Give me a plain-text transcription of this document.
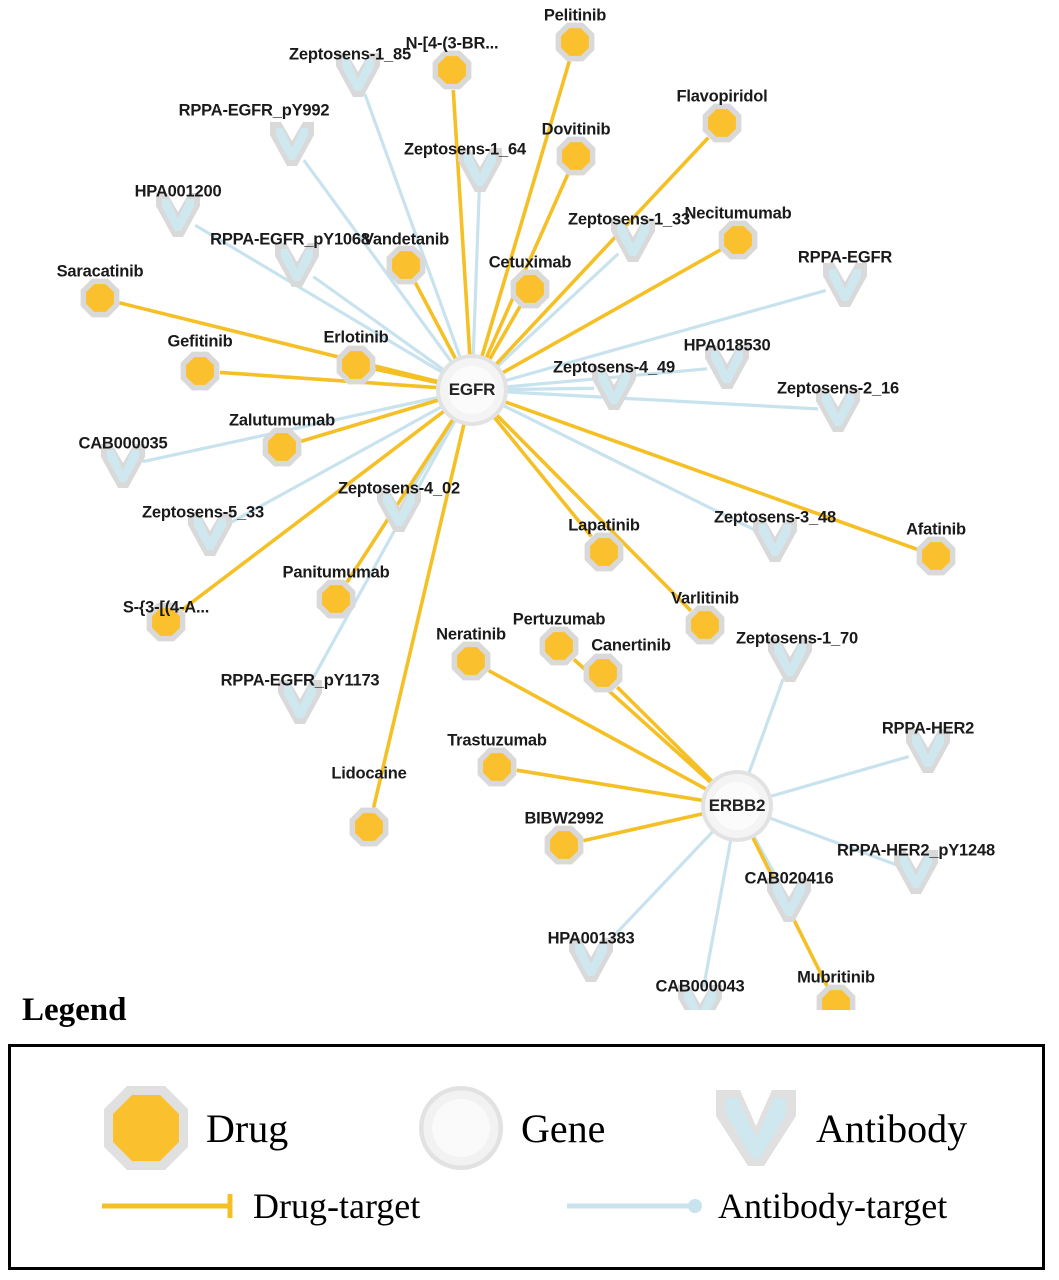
Zeptosens-1_85
RPPA-EGFR_pY992
Zeptosens-1_64
HPA001200
Zeptosens-1_33
RPPA-EGFR_pY1068
RPPA-EGFR
HPA018530
Zeptosens-4_49
Zeptosens-2_16
CAB000035
Zeptosens-4_02
Zeptosens-5_33	Zeptosens-3_48
Zeptosens-1_70
RPPA-EGFR_pY1173
RPPA-HER2
RPPA-HER2_pY1248
CAB020416
HPA001383
CAB000043
Pelitinib
N-[4-(3-BR...
Flavopiridol
Dovitinib
Necitumumab
Vandetanib
Cetuximab
Saracatinib
Erlotinib
Gefitinib
Zalutumumab
Lapatinib	Afatinib
Panitumumab
Varlitinib
S-{3-[(4-A...
Pertuzumab
Neratinib
Canertinib
Trastuzumab
Lidocaine
BIBW2992
Mubritinib
EGFR
ERBB2
Legend
Drug	Gene	Antibody
Drug-target	Antibody-target
